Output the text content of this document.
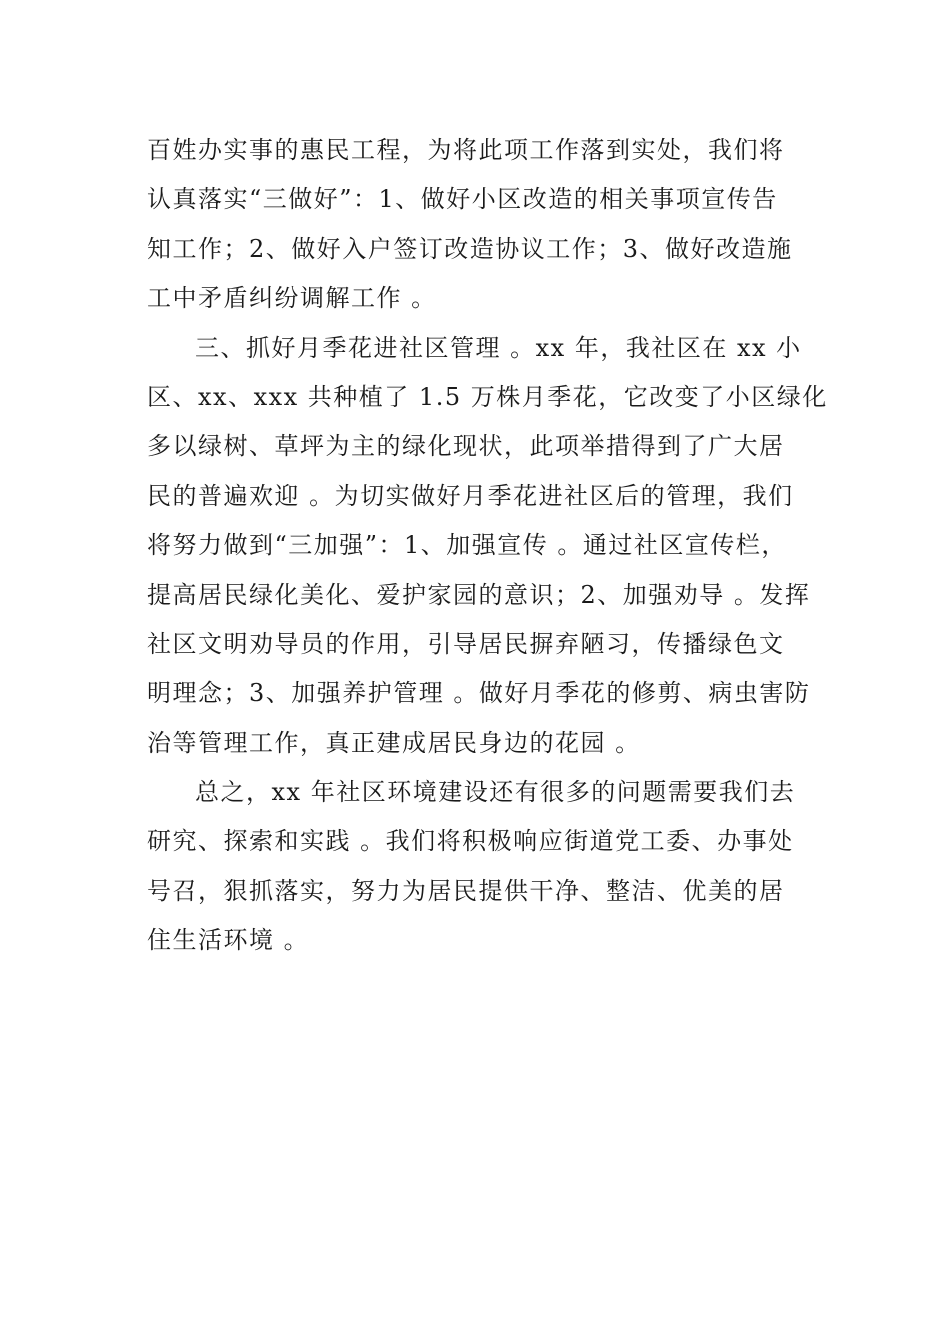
百姓办实事的惠民工程，为将此项工作落到实处，我们将
认真落实“三做好”：1、做好小区改造的相关事项宣传告
知工作；2、做好入户签订改造协议工作；3、做好改造施
工中矛盾纠纷调解工作 。
三、抓好月季花进社区管理 。xx 年，我社区在 xx 小
区、xx、xxx 共种植了 1.5 万株月季花，它改变了小区绿化
多以绿树、草坪为主的绿化现状，此项举措得到了广大居
民的普遍欢迎 。为切实做好月季花进社区后的管理，我们
将努力做到“三加强”：1、加强宣传 。通过社区宣传栏，
提高居民绿化美化、爱护家园的意识；2、加强劝导 。发挥
社区文明劝导员的作用，引导居民摒弃陋习，传播绿色文
明理念；3、加强养护管理 。做好月季花的修剪、病虫害防
治等管理工作，真正建成居民身边的花园 。
总之，xx 年社区环境建设还有很多的问题需要我们去
研究、探索和实践 。我们将积极响应街道党工委、办事处
号召，狠抓落实，努力为居民提供干净、整洁、优美的居
住生活环境 。
